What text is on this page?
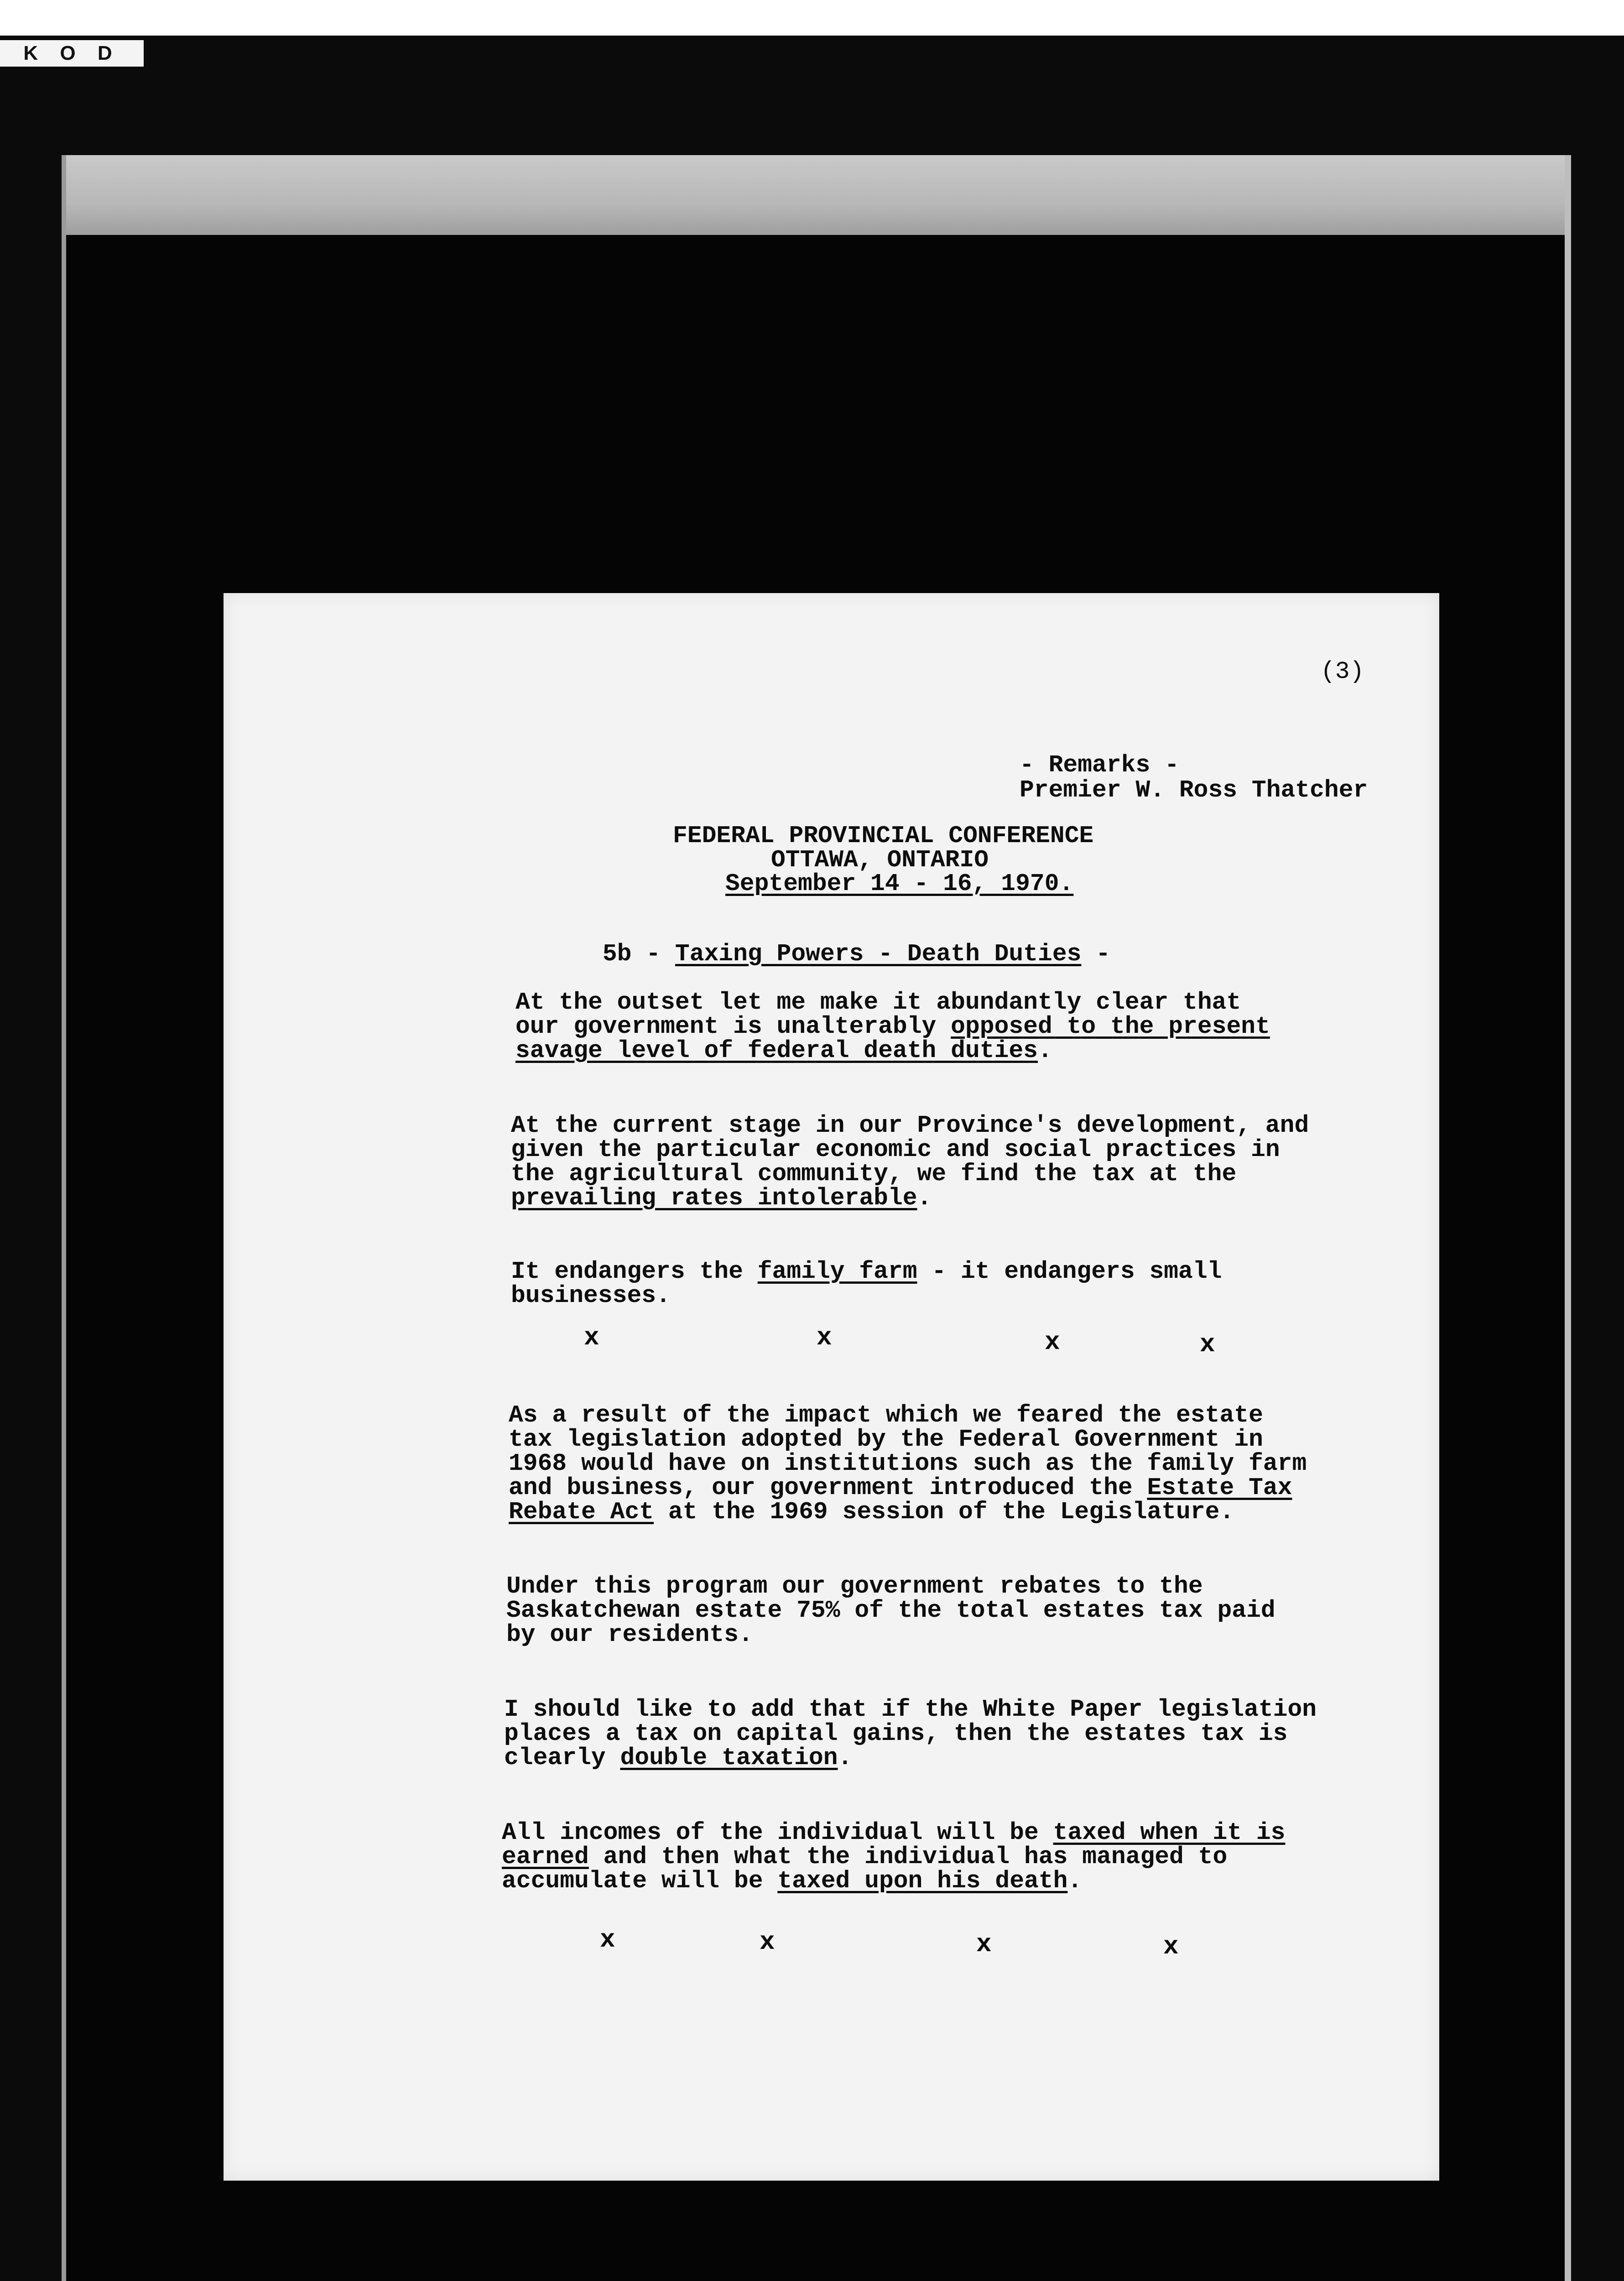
K O D
(3)
- Remarks -
Premier W. Ross Thatcher
FEDERAL PROVINCIAL CONFERENCE
OTTAWA, ONTARIO
September 14 - 16, 1970.

5b - Taxing Powers - Death Duties -

At the outset let me make it abundantly clear that
our government is unalterably opposed to the present
savage level of federal death duties.
At the current stage in our Province's development, and
given the particular economic and social practices in
the agricultural community, we find the tax at the
prevailing rates intolerable.
It endangers the family farm - it endangers small
businesses.
x	x	x	x
As a result of the impact which we feared the estate
tax legislation adopted by the Federal Government in
1968 would have on institutions such as the family farm
and business, our government introduced the Estate Tax
Rebate Act at the 1969 session of the Legislature.
Under this program our government rebates to the
Saskatchewan estate 75% of the total estates tax paid
by our residents.
I should like to add that if the White Paper legislation
places a tax on capital gains, then the estates tax is
clearly double taxation.
All incomes of the individual will be taxed when it is
earned and then what the individual has managed to
accumulate will be taxed upon his death.
x	x	x	x
